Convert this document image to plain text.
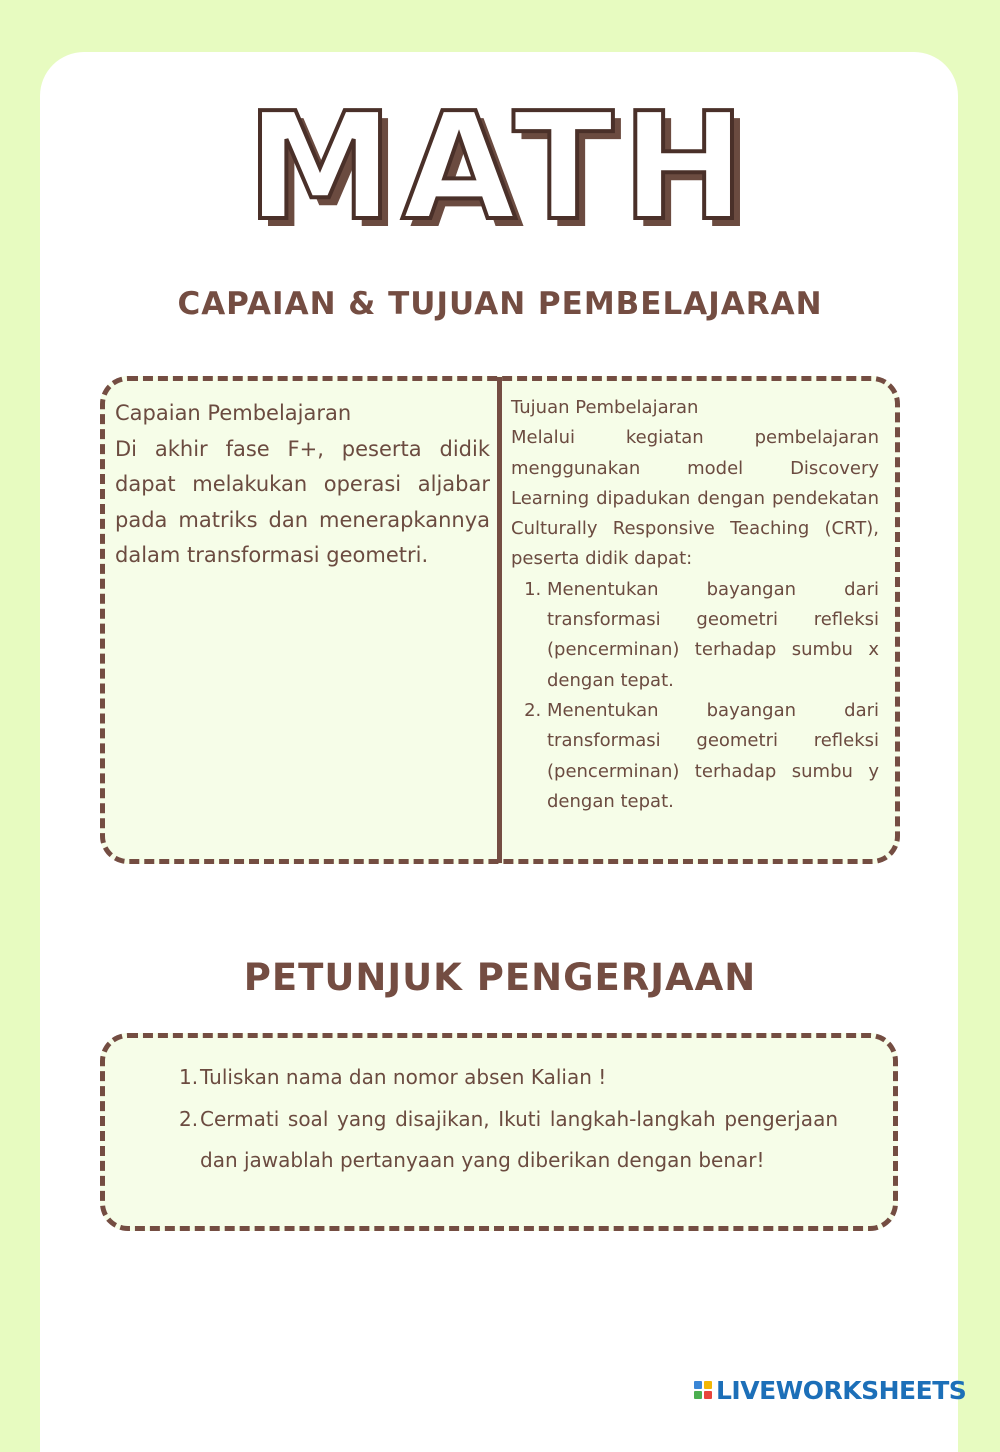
MATH
CAPAIAN & TUJUAN PEMBELAJARAN

Capaian Pembelajaran

Di akhir fase F+, peserta didik dapat melakukan operasi aljabar pada matriks dan menerapkannya dalam transformasi geometri.

Tujuan Pembelajaran

Melalui kegiatan pembelajaran menggunakan model Discovery Learning dipadukan dengan pendekatan Culturally Responsive Teaching (CRT), peserta didik dapat:

1. Menentukan bayangan dari transformasi geometri refleksi (pencerminan) terhadap sumbu x dengan tepat.
2. Menentukan bayangan dari transformasi geometri refleksi (pencerminan) terhadap sumbu y dengan tepat.
PETUNJUK PENGERJAAN
1. Tuliskan nama dan nomor absen Kalian !
2. Cermati soal yang disajikan, Ikuti langkah-langkah pengerjaan dan jawablah pertanyaan yang diberikan dengan benar!
LIVEWORKSHEETS
